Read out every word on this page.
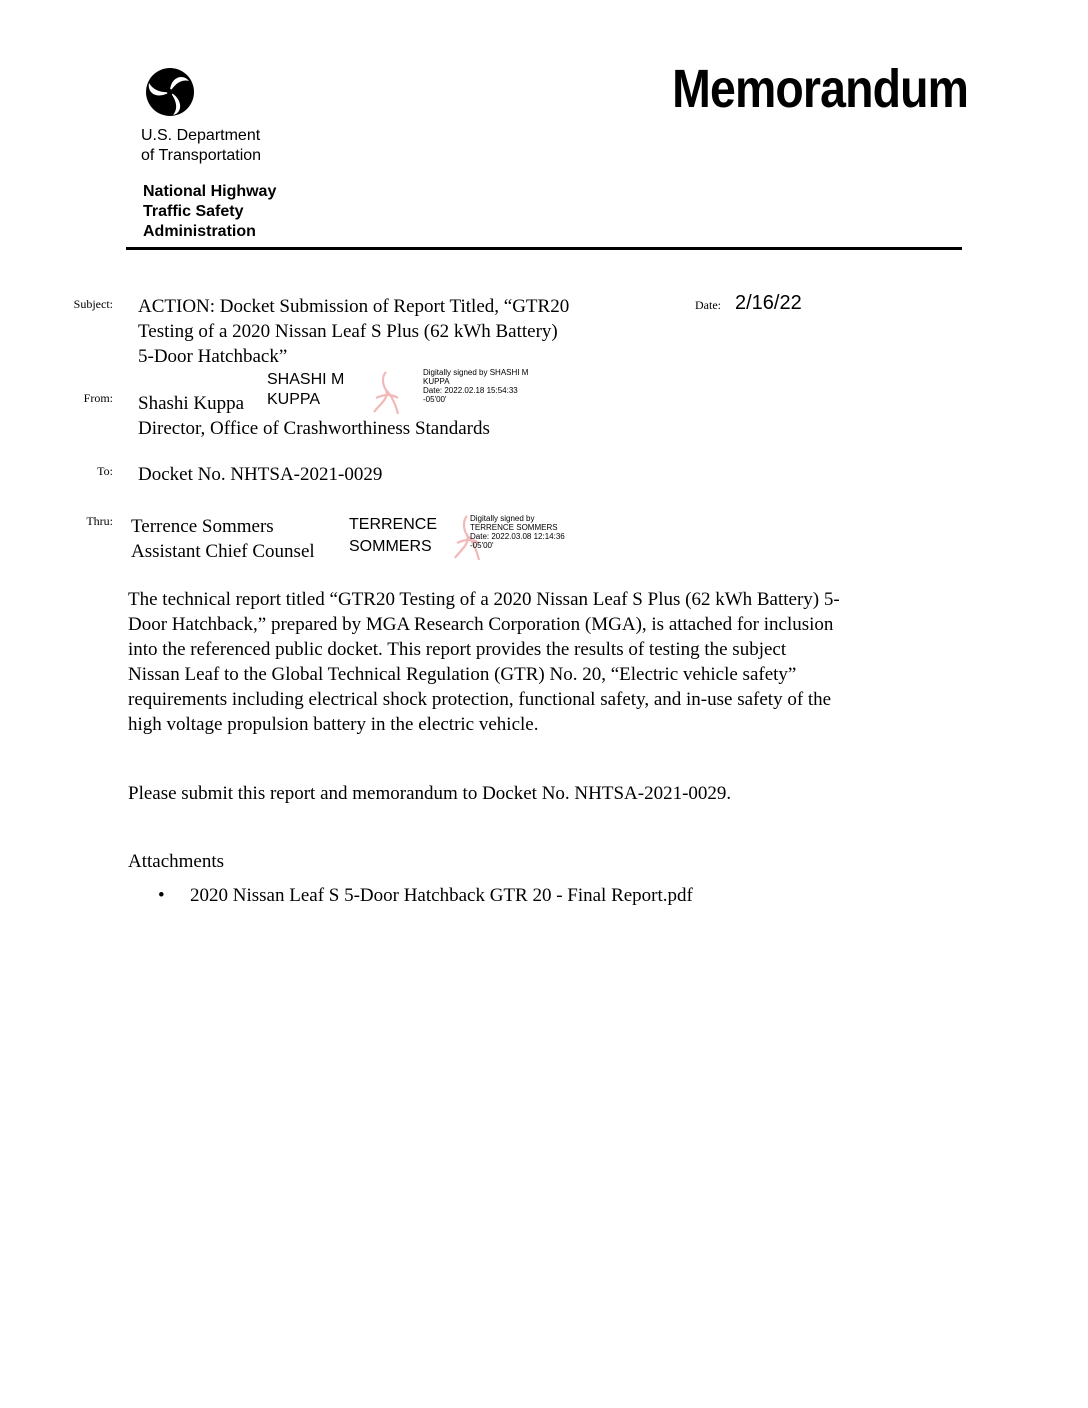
U.S. Department
of Transportation
National Highway
Traffic Safety
Administration
Memorandum
Subject: ACTION: Docket Submission of Report Titled, “GTR20
Testing of a 2020 Nissan Leaf S Plus (62 kWh Battery)
5-Door Hatchback”
Date: 2/16/22
From: Shashi Kuppa
Director, Office of Crashworthiness Standards
SHASHI M
KUPPA
Digitally signed by SHASHI M
KUPPA
Date: 2022.02.18 15:54:33
-05'00'
To: Docket No. NHTSA-2021-0029
Thru: Terrence Sommers
Assistant Chief Counsel
TERRENCE
SOMMERS
Digitally signed by
TERRENCE SOMMERS
Date: 2022.03.08 12:14:36
-05'00'
The technical report titled “GTR20 Testing of a 2020 Nissan Leaf S Plus (62 kWh Battery) 5-
Door Hatchback,” prepared by MGA Research Corporation (MGA), is attached for inclusion
into the referenced public docket. This report provides the results of testing the subject
Nissan Leaf to the Global Technical Regulation (GTR) No. 20, “Electric vehicle safety”
requirements including electrical shock protection, functional safety, and in-use safety of the
high voltage propulsion battery in the electric vehicle.
Please submit this report and memorandum to Docket No. NHTSA-2021-0029.
Attachments
• 2020 Nissan Leaf S 5-Door Hatchback GTR 20 - Final Report.pdf
